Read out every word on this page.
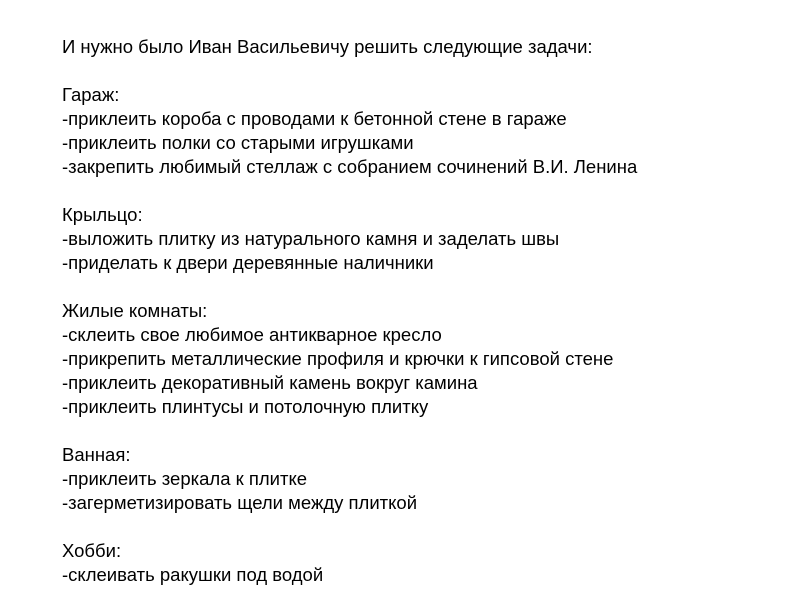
И нужно было Иван Васильевичу решить следующие задачи:

Гараж:

-приклеить короба с проводами к бетонной стене в гараже
-приклеить полки со старыми игрушками
-закрепить любимый стеллаж с собранием сочинений В.И. Ленина

Крыльцо:

-выложить плитку из натурального камня и заделать швы
-приделать к двери деревянные наличники

Жилые комнаты:

-склеить свое любимое антикварное кресло
-прикрепить металлические профиля и крючки к гипсовой стене
-приклеить декоративный камень вокруг камина
-приклеить плинтусы и потолочную плитку

Ванная:

-приклеить зеркала к плитке
-загерметизировать щели между плиткой

Хобби:

-склеивать ракушки под водой
